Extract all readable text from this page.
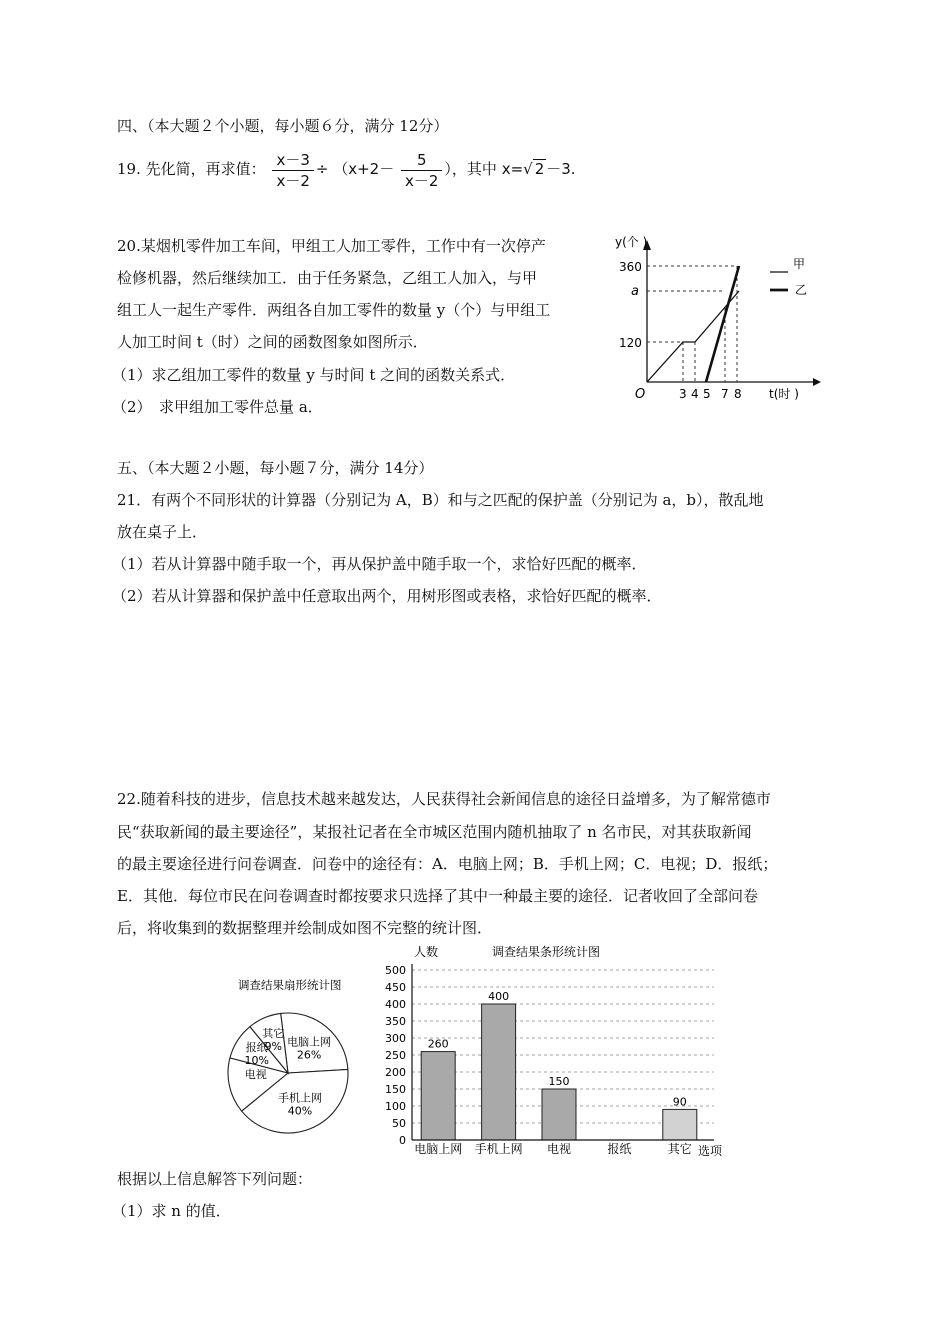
四、（本大题２个小题，每小题６分，满分 12分）
19. 先化简，再求值： $\frac{x-3}{x-2} \div (x+2- \frac{5}{x-2}$ ），其中 x=√ 2 －3.
20.某烟机零件加工车间，甲组工人加工零件，工作中有一次停产
检修机器，然后继续加工．由于任务紧急，乙组工人加入，与甲
组工人一起生产零件．两组各自加工零件的数量 y（个）与甲组工
人加工时间 t（时）之间的函数图象如图所示．
（1）求乙组加工零件的数量 y 与时间 t 之间的函数关系式．
（2）　求甲组加工零件总量 a．
y(个 )
360
a
120
O	3 4 5 7 8 t(时 )
甲
乙
五、（本大题２小题，每小题７分，满分 14分）
21．有两个不同形状的计算器（分别记为 A，B）和与之匹配的保护盖（分别记为 a，b），散乱地
放在桌子上．
（1）若从计算器中随手取一个，再从保护盖中随手取一个，求恰好匹配的概率．
（2）若从计算器和保护盖中任意取出两个，用树形图或表格，求恰好匹配的概率．
22.随着科技的进步，信息技术越来越发达，人民获得社会新闻信息的途径日益增多，为了解常德市
民“获取新闻的最主要途径”，某报社记者在全市城区范围内随机抽取了 n 名市民，对其获取新闻
的最主要途径进行问卷调查．问卷中的途径有：A．电脑上网；B．手机上网；C．电视；D．报纸；
E．其他．每位市民在问卷调查时都按要求只选择了其中一种最主要的途径．记者收回了全部问卷
后，将收集到的数据整理并绘制成如图不完整的统计图．
调查结果扇形统计图
电脑上网
26%
手机上网
40%
电视
报纸
10%
其它
9%
人数	调查结果条形统计图
0
50
100
150
200
250
300
350
400
450
500
260
400
150
90
电脑上网 手机上网 电视	报纸	其它 选项
根据以上信息解答下列问题：
（1）求 n 的值．
